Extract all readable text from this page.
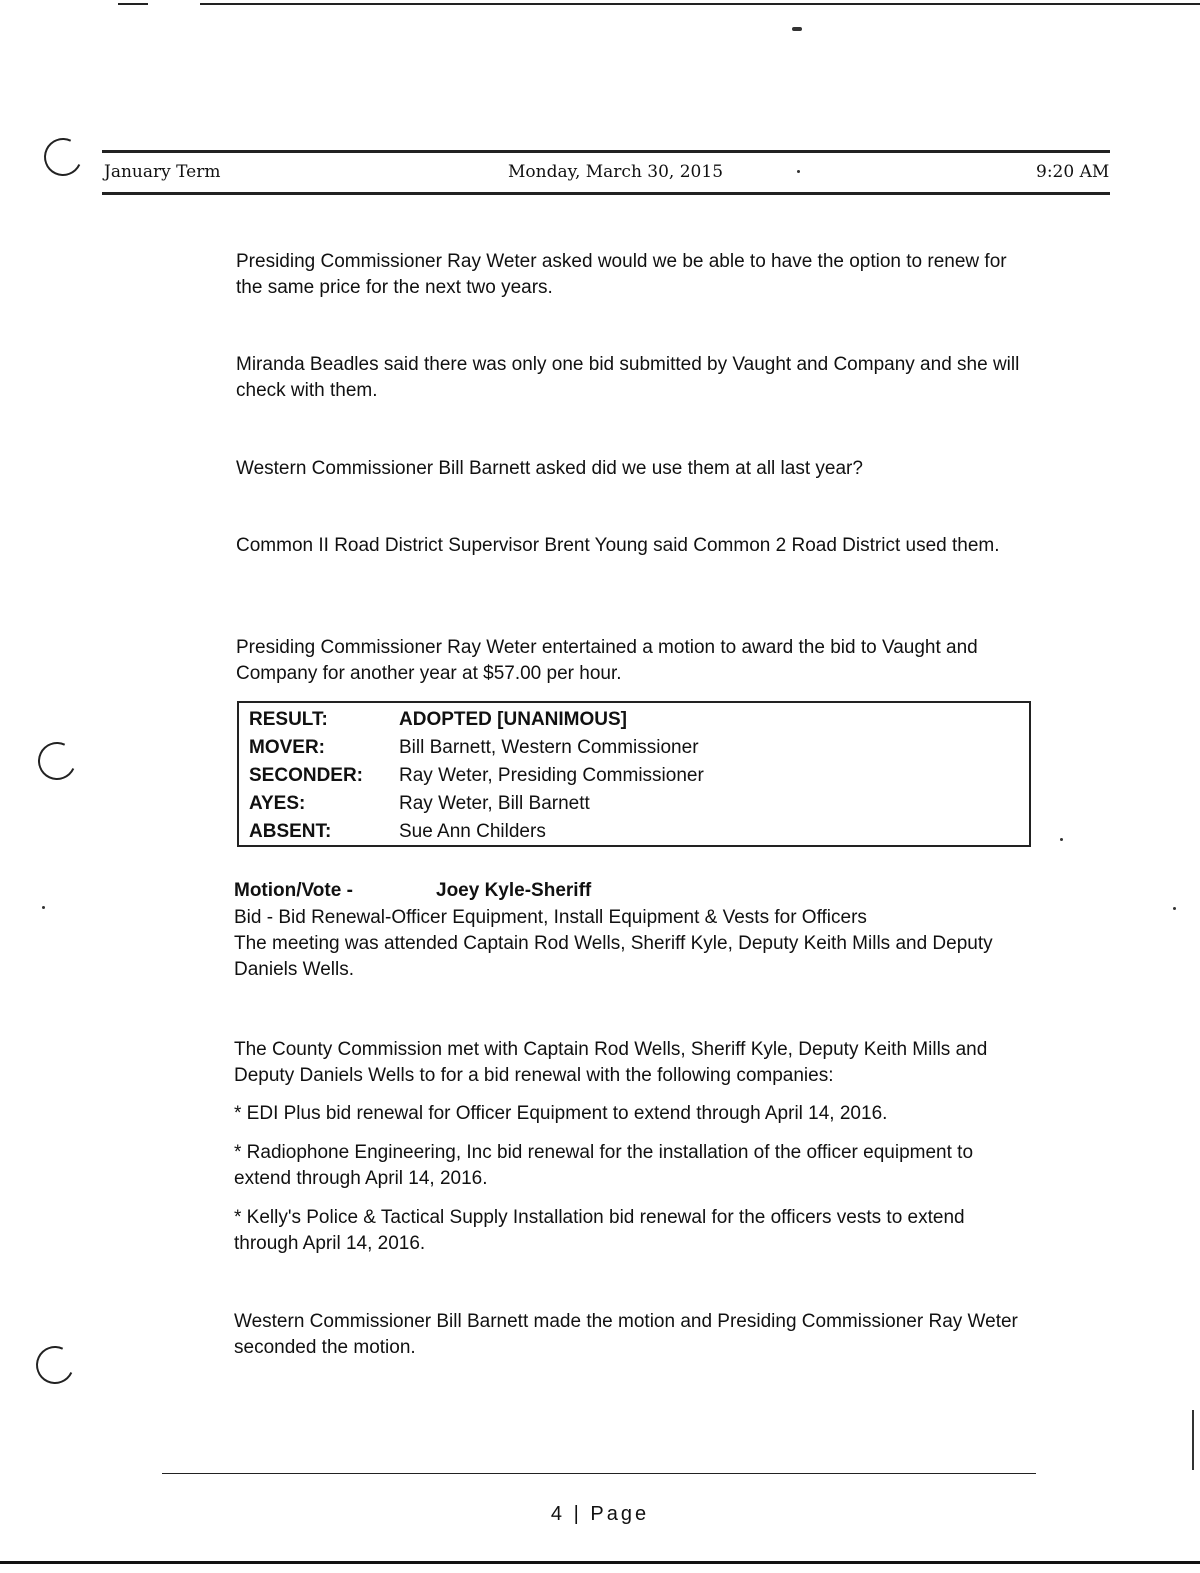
January Term	Monday, March 30, 2015	9:20 AM
Presiding Commissioner Ray Weter asked would we be able to have the option to renew for the same price for the next two years.
Miranda Beadles said there was only one bid submitted by Vaught and Company and she will check with them.
Western Commissioner Bill Barnett asked did we use them at all last year?
Common II Road District Supervisor Brent Young said Common 2 Road District used them.
Presiding Commissioner Ray Weter entertained a motion to award the bid to Vaught and Company for another year at $57.00 per hour.
RESULT:	ADOPTED [UNANIMOUS]
MOVER:	Bill Barnett, Western Commissioner
SECONDER: Ray Weter, Presiding Commissioner
AYES:	Ray Weter, Bill Barnett
ABSENT:	Sue Ann Childers
Motion/Vote -	Joey Kyle-Sheriff
Bid - Bid Renewal-Officer Equipment, Install Equipment & Vests for Officers
The meeting was attended Captain Rod Wells, Sheriff Kyle, Deputy Keith Mills and Deputy Daniels Wells.
The County Commission met with Captain Rod Wells, Sheriff Kyle, Deputy Keith Mills and Deputy Daniels Wells to for a bid renewal with the following companies:
* EDI Plus bid renewal for Officer Equipment to extend through April 14, 2016.
* Radiophone Engineering, Inc bid renewal for the installation of the officer equipment to extend through April 14, 2016.
* Kelly's Police & Tactical Supply Installation bid renewal for the officers vests to extend through April 14, 2016.
Western Commissioner Bill Barnett made the motion and Presiding Commissioner Ray Weter seconded the motion.
4 | Page
